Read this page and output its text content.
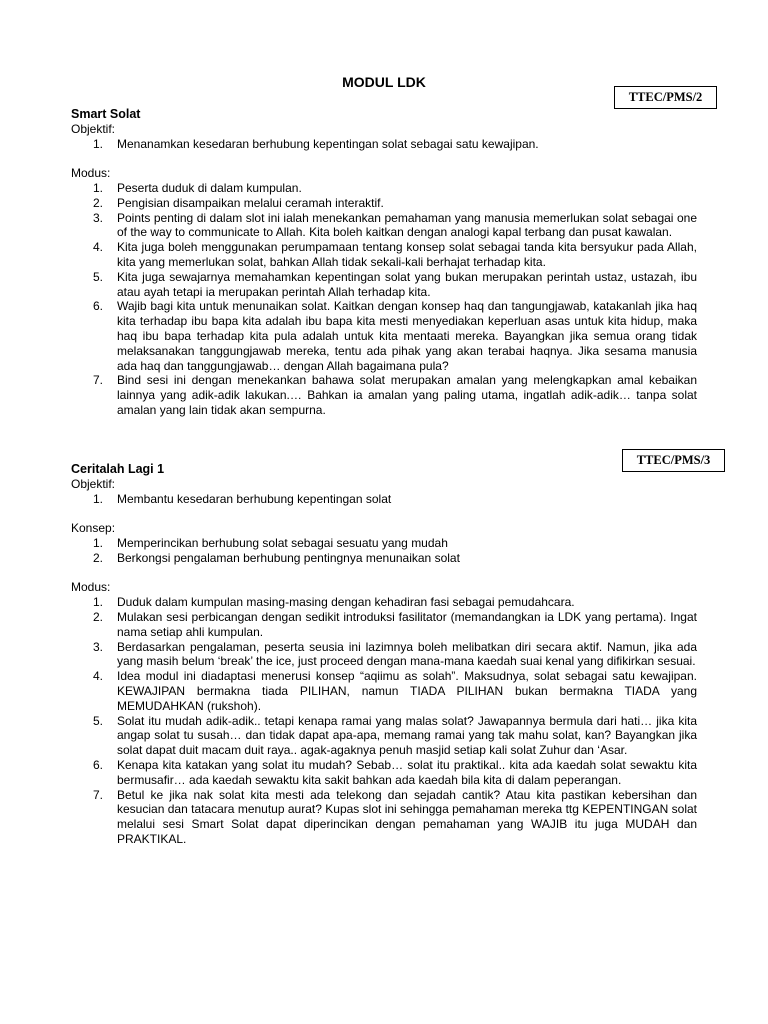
MODUL LDK
TTEC/PMS/2
TTEC/PMS/3

Smart Solat

Objektif:

1. Menanamkan kesedaran berhubung kepentingan solat sebagai satu kewajipan.

Modus:

1. Peserta duduk di dalam kumpulan.
2. Pengisian disampaikan melalui ceramah interaktif.
3. Points penting di dalam slot ini ialah menekankan pemahaman yang manusia memerlukan solat sebagai one of the way to communicate to Allah. Kita boleh kaitkan dengan analogi kapal terbang dan pusat kawalan.
4. Kita juga boleh menggunakan perumpamaan tentang konsep solat sebagai tanda kita bersyukur pada Allah, kita yang memerlukan solat, bahkan Allah tidak sekali-kali berhajat terhadap kita.
5. Kita juga sewajarnya memahamkan kepentingan solat yang bukan merupakan perintah ustaz, ustazah, ibu atau ayah tetapi ia merupakan perintah Allah terhadap kita.
6. Wajib bagi kita untuk menunaikan solat. Kaitkan dengan konsep haq dan tangungjawab, katakanlah jika haq kita terhadap ibu bapa kita adalah ibu bapa kita mesti menyediakan keperluan asas untuk kita hidup, maka haq ibu bapa terhadap kita pula adalah untuk kita mentaati mereka. Bayangkan jika semua orang tidak melaksanakan tanggungjawab mereka, tentu ada pihak yang akan terabai haqnya. Jika sesama manusia ada haq dan tanggungjawab… dengan Allah bagaimana pula?
7. Bind sesi ini dengan menekankan bahawa solat merupakan amalan yang melengkapkan amal kebaikan lainnya yang adik-adik lakukan.… Bahkan ia amalan yang paling utama, ingatlah adik-adik… tanpa solat amalan yang lain tidak akan sempurna.

Ceritalah Lagi 1

Objektif:

1. Membantu kesedaran berhubung kepentingan solat

Konsep:

1. Memperincikan berhubung solat sebagai sesuatu yang mudah
2. Berkongsi pengalaman berhubung pentingnya menunaikan solat

Modus:

1. Duduk dalam kumpulan masing-masing dengan kehadiran fasi sebagai pemudahcara.
2. Mulakan sesi perbicangan dengan sedikit introduksi fasilitator (memandangkan ia LDK yang pertama). Ingat nama setiap ahli kumpulan.
3. Berdasarkan pengalaman, peserta seusia ini lazimnya boleh melibatkan diri secara aktif. Namun, jika ada yang masih belum ‘break’ the ice, just proceed dengan mana-mana kaedah suai kenal yang difikirkan sesuai.
4. Idea modul ini diadaptasi menerusi konsep “aqiimu as solah”. Maksudnya, solat sebagai satu kewajipan. KEWAJIPAN bermakna tiada PILIHAN, namun TIADA PILIHAN bukan bermakna TIADA yang MEMUDAHKAN (rukshoh).
5. Solat itu mudah adik-adik.. tetapi kenapa ramai yang malas solat? Jawapannya bermula dari hati… jika kita angap solat tu susah… dan tidak dapat apa-apa, memang ramai yang tak mahu solat, kan? Bayangkan jika solat dapat duit macam duit raya.. agak-agaknya penuh masjid setiap kali solat Zuhur dan ‘Asar.
6. Kenapa kita katakan yang solat itu mudah? Sebab… solat itu praktikal.. kita ada kaedah solat sewaktu kita bermusafir… ada kaedah sewaktu kita sakit bahkan ada kaedah bila kita di dalam peperangan.
7. Betul ke jika nak solat kita mesti ada telekong dan sejadah cantik? Atau kita pastikan kebersihan dan kesucian dan tatacara menutup aurat? Kupas slot ini sehingga pemahaman mereka ttg KEPENTINGAN solat melalui sesi Smart Solat dapat diperincikan dengan pemahaman yang WAJIB itu juga MUDAH dan PRAKTIKAL.
